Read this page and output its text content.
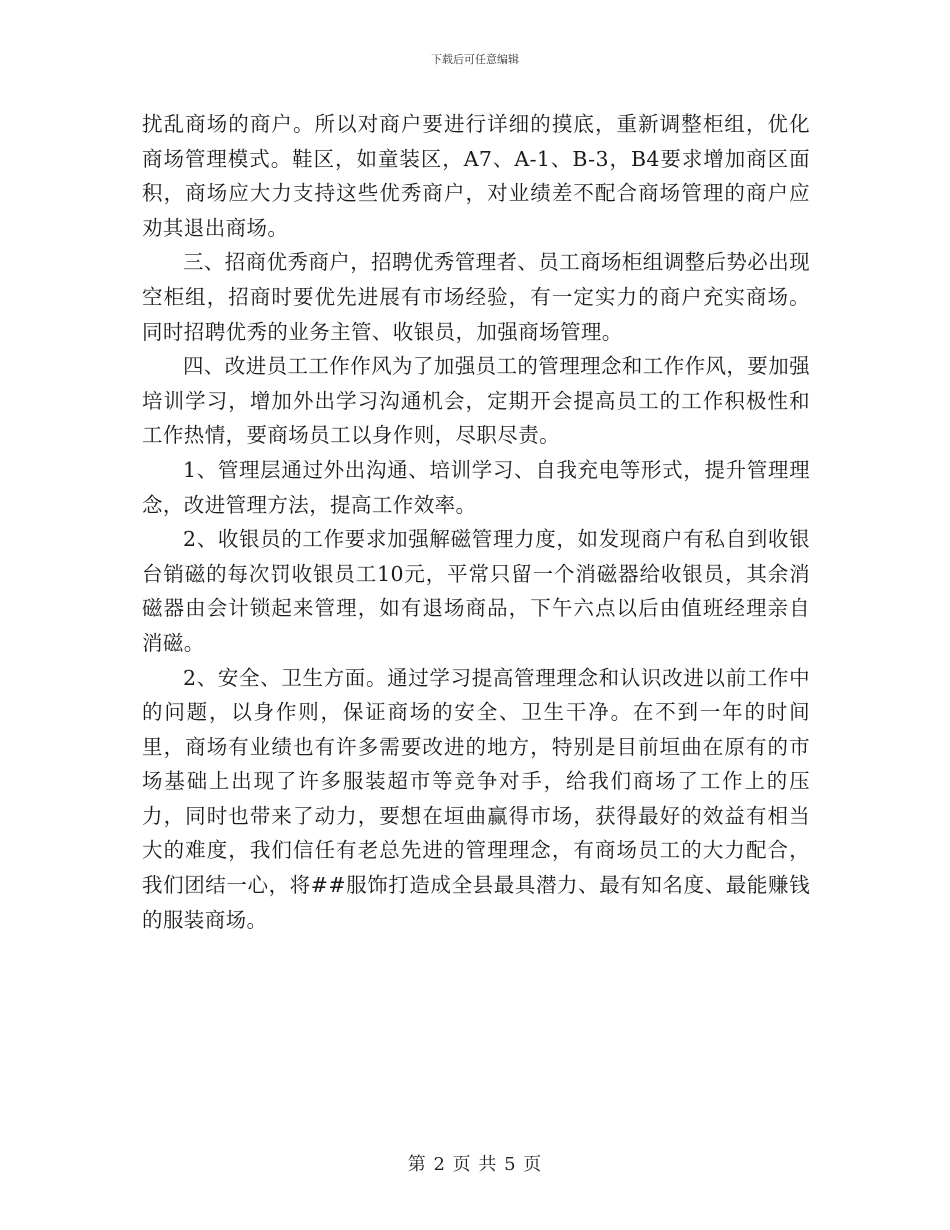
下载后可任意编辑

扰乱商场的商户。所以对商户要进行详细的摸底，重新调整柜组，优化商场管理模式。鞋区，如童装区，A7、A-1、B-3，B4要求增加商区面积，商场应大力支持这些优秀商户，对业绩差不配合商场管理的商户应劝其退出商场。

三、招商优秀商户，招聘优秀管理者、员工商场柜组调整后势必出现空柜组，招商时要优先进展有市场经验，有一定实力的商户充实商场。同时招聘优秀的业务主管、收银员，加强商场管理。

四、改进员工工作作风为了加强员工的管理理念和工作作风，要加强培训学习，增加外出学习沟通机会，定期开会提高员工的工作积极性和工作热情，要商场员工以身作则，尽职尽责。

1、管理层通过外出沟通、培训学习、自我充电等形式，提升管理理念，改进管理方法，提高工作效率。

2、收银员的工作要求加强解磁管理力度，如发现商户有私自到收银台销磁的每次罚收银员工10元，平常只留一个消磁器给收银员，其余消磁器由会计锁起来管理，如有退场商品，下午六点以后由值班经理亲自消磁。

2、安全、卫生方面。通过学习提高管理理念和认识改进以前工作中的问题，以身作则，保证商场的安全、卫生干净。在不到一年的时间里，商场有业绩也有许多需要改进的地方，特别是目前垣曲在原有的市场基础上出现了许多服装超市等竞争对手，给我们商场了工作上的压力，同时也带来了动力，要想在垣曲赢得市场，获得最好的效益有相当大的难度，我们信任有老总先进的管理理念，有商场员工的大力配合，我们团结一心，将##服饰打造成全县最具潜力、最有知名度、最能赚钱的服装商场。

第 2 页 共 5 页
